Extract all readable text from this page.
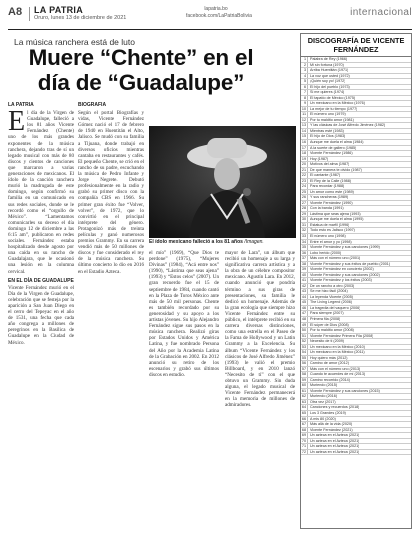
A8 LA PATRIA
Oruro, lunes 13 de diciembre de 2021
lapatria.bo
facebook.com/LaPatriaBolivia	internacional
La música ranchera está de luto
Muere “Chente” en el día de “Guadalupe”
LA PATRIA
E l día de la Virgen de Guadalupe, falleció a los 81 años Vicente Fernández (Chente) uno de los más grandes exponentes de la música ranchera, dejando tras de sí un legado musical con más de 80 discos y cientos de canciones que marcaron a varias generaciones de mexicanos. El ídolo de la canción ranchera murió la madrugada de este domingo, según confirmó su familia en un comunicado en sus redes sociales, donde se le recordó como el “orgullo de México”. “Lamentamos comunicarles su deceso el día domingo 12 de diciembre a las 6:15 am”, publicaron en redes sociales. Fernández estaba hospitalizado desde agosto por una caída en su rancho de Guadalajara, que le ocasionó una lesión en la columna cervical.
EN EL DÍA DE GUADALUPE
Vicente Fernández murió en el Día de la Virgen de Guadalupe, celebración que se festeja por la aparición a San Juan Diego en el cerro del Tepeyac en el año de 1531, una fecha que cada año congrega a millones de peregrinos en la Basílica de Guadalupe en la Ciudad de México.
BIOGRAFÍA
Según el portal Biografías y vidas, Vicente Fernández Gómez nació el 17 de febrero de 1940 en Huentitán el Alto, Jalisco. Se mudó con su familia a Tijuana, donde trabajó en diversos oficios mientras cantaba en restaurantes y cafés. El pequeño Chente, se crió en el rancho de su padre, escuchando la música de Pedro Infante y Jorge Negrete. Debutó profesionalmente en la radio y grabó su primer disco con la compañía CBS en 1966. Su primer gran éxito fue “Volver, volver”, de 1972, que lo convirtió en el principal intérprete del género. Protagonizó más de treinta películas y ganó numerosos premios Grammy. En su carrera vendió más de 50 millones de discos y fue considerado el rey de la música ranchera. Su último concierto lo dio en 2016 en el Estadio Azteca.
El ídolo mexicano falleció a los 81 años /Imagen.
el mío” (1969), “Que Dios te perdone” (1975), “Mujeres Divinas” (1984), “Acá entre nos” (1990), “Lástima que seas ajena” (1993) y “Estos celos” (2007). Un gran recuerdo fue el 15 de septiembre de 1984, cuando cantó en la Plaza de Toros México ante más de 50 mil personas. Chente es también recordado por su generosidad y su apoyo a los artistas jóvenes. Su hijo Alejandro Fernández sigue sus pasos en la música ranchera. Realizó giras por Estados Unidos y América Latina, y fue nombrado Persona del Año por la Academia Latina de la Grabación en 2002. En 2012 anunció su retiro de los escenarios y grabó sus últimos discos en estudio.
mayor de Lara”, un álbum que recibió un homenaje a su larga y significativa carrera artística y a la obra de un célebre compositor mexicano. Agustín Lara. En 2012, cuando anunció que pondría término a sus giras de presentaciones, su familia le dedicó un homenaje. Además de la gran ecología que siempre hizo Vicente Fernández entre su público, el intérprete recibió en su carrera diversas distinciones, como una estrella en el Paseo de la Fama de Hollywood y un Latin Grammy a la Excelencia. Su álbum “Vicente Fernández y los clásicos de José Alfredo Jiménez” (1993) le valió el premio Billboard, y en 2010 lanzó “Necesito de ti” con el que obtuvo un Grammy. Sin duda alguna, el legado musical de Vicente Fernández permanecerá en la memoria de millones de admiradores.
DISCOGRAFÍA DE VICENTE FERNÁNDEZ
1	Palabra de Rey (1966)
2	Mi sin fortuna (1970)
3	Arriba Huentitán (1971)
4	La voz que usted (1972)
5	¡Quién soy yo! (1972)
6	El hijo del pueblo (1973)
7	Si me quieres (1974)
8	El tapatío de México (1975)
9	Un mexicano en la México (1976)
10	La mejor de tu tiempo (1977)
11	El número uno (1979)
12	Por tu maldito amor (1981)
13	Y las clásicas de José Alfredo Jiménez (1982)
14	Mientras esté (1983)
15	El hijo de Dios (1983)
16	Aunque me duela el alma (1984)
17	A la suerte de gallero (1985)
18	Vicente Fernández (1986)
19	Hoy (1987)
20	Motivos del alma (1987)
21	De que manera te olvido (1987)
22	El cantante (1987)
23	El Rey de la Calle (1988)
24	Para recordar (1988)
25	Un amor como este (1989)
26	Y sus rancheras (1989)
27	Vicente Fernández (1990)
28	Con la banda (1991)
29	Lástima que seas ajena (1993)
30	Aunque me duela el alma (1995)
31	Estatua de marfil (1996)
32	Todo esto es Jalisco (1997)
33	El número uno (1998)
34	Entre el amor y yo (1998)
35	Vicente Fernández y sus canciones (1999)
36	Lobo herido (2000)
37	Más con el número uno (2001)
38	Vicente Fernández y sus éxitos de pueblo (2001)
39	Vicente Fernández en concierto (2002)
40	Vicente Fernández y sus canciones (2002)
41	Vicente Fernández y los éxitos (2003)
42	De un rancho a otro (2003)
43	Se me hizo fácil (2004)
44	La leyenda Vicente (2005)
45	The Living Legend (2006)
46	La tragedia del vaquero (2006)
47	Para siempre (2007)
48	Primera fila (2008)
49	El súper de Dios (2008)
50	Por tu maldito amor (2008)
51	Vicente Fernández Primera Fila (2008)
52	Necesito de ti (2009)
53	Un mexicano en la México (2010)
54	Un mexicano en la México (2011)
55	Hoy quiero más (2012)
56	Camino de amor (2012)
57	Más con el número uno (2013)
58	Cuando te acuerdes de mí (2013)
59	Camino recorrido (2014)
60	Muriendo (2015)
61	Vicente Fernández y sus canciones (2015)
62	Muriendo (2016)
63	Otra vez (2017)
64	Canciones y recuerdos (2018)
65	Los 3 Grandes (2019)
66	A mis 80 (2020)
67	Más allá de la vida (2020)
68	Vicente Fernández (2021)
69	Un azteca en el Azteca (2021)
70	Un azteca en el Azteca (2021)
71	Un azteca en el Azteca (2021)
72	Un azteca en el Azteca (2021)
